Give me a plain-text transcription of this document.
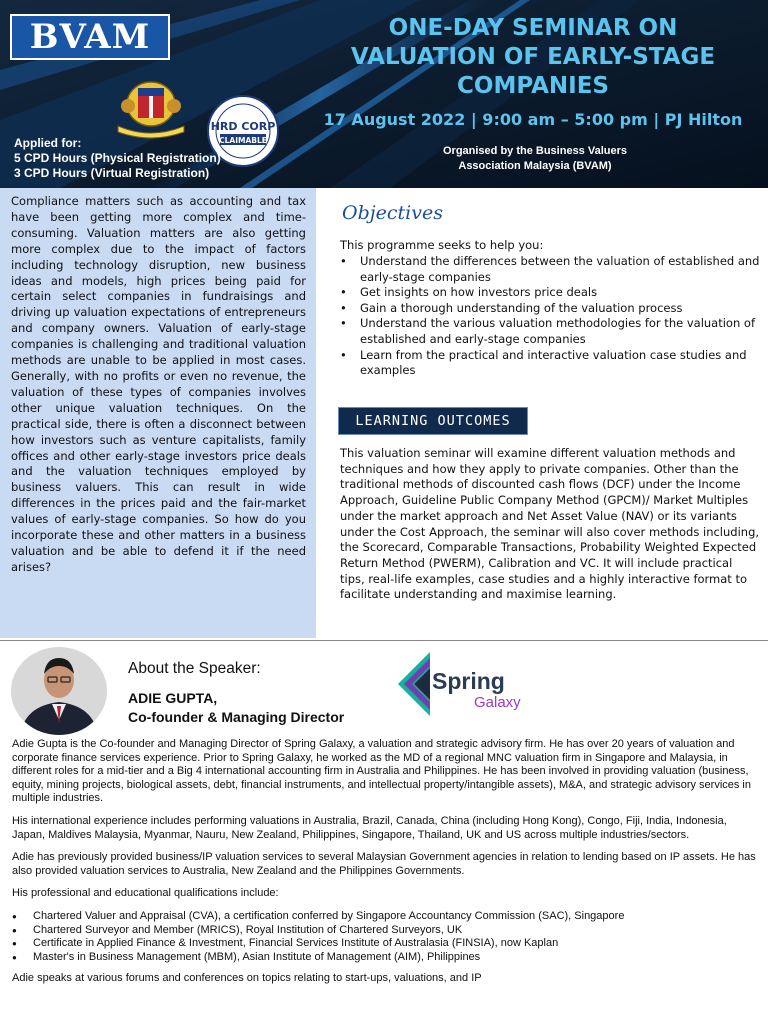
BVAM
HRD CORP
CLAIMABLE
Applied for:
5 CPD Hours (Physical Registration)
3 CPD Hours (Virtual Registration)
ONE-DAY SEMINAR ON
VALUATION OF EARLY-STAGE
COMPANIES
17 August 2022 | 9:00 am – 5:00 pm | PJ Hilton
Organised by the Business Valuers
Association Malaysia (BVAM)

Compliance matters such as accounting and tax have been getting more complex and time-consuming. Valuation matters are also getting more complex due to the impact of factors including technology disruption, new business ideas and models, high prices being paid for certain select companies in fundraisings and driving up valuation expectations of entrepreneurs and company owners. Valuation of early-stage companies is challenging and traditional valuation methods are unable to be applied in most cases. Generally, with no profits or even no revenue, the valuation of these types of companies involves other unique valuation techniques. On the practical side, there is often a disconnect between how investors such as venture capitalists, family offices and other early-stage investors price deals and the valuation techniques employed by business valuers. This can result in wide differences in the prices paid and the fair-market values of early-stage companies. So how do you incorporate these and other matters in a business valuation and be able to defend it if the need arises?

Objectives
This programme seeks to help you:
• Understand the differences between the valuation of established and early-stage companies
• Get insights on how investors price deals
• Gain a thorough understanding of the valuation process
• Understand the various valuation methodologies for the valuation of established and early-stage companies
• Learn from the practical and interactive valuation case studies and examples
LEARNING OUTCOMES
This valuation seminar will examine different valuation methods and techniques and how they apply to private companies. Other than the traditional methods of discounted cash flows (DCF) under the Income Approach, Guideline Public Company Method (GPCM)/ Market Multiples under the market approach and Net Asset Value (NAV) or its variants under the Cost Approach, the seminar will also cover methods including, the Scorecard, Comparable Transactions, Probability Weighted Expected Return Method (PWERM), Calibration and VC. It will include practical tips, real-life examples, case studies and a highly interactive format to facilitate understanding and maximise learning.
About the Speaker:
ADIE GUPTA,
Co-founder & Managing Director
Spring
Galaxy

Adie Gupta is the Co-founder and Managing Director of Spring Galaxy, a valuation and strategic advisory firm. He has over 20 years of valuation and corporate finance services experience. Prior to Spring Galaxy, he worked as the MD of a regional MNC valuation firm in Singapore and Malaysia, in different roles for a mid-tier and a Big 4 international accounting firm in Australia and Philippines. He has been involved in providing valuation (business, equity, mining projects, biological assets, debt, financial instruments, and intellectual property/intangible assets), M&A, and strategic advisory services in multiple industries.

His international experience includes performing valuations in Australia, Brazil, Canada, China (including Hong Kong), Congo, Fiji, India, Indonesia, Japan, Maldives Malaysia, Myanmar, Nauru, New Zealand, Philippines, Singapore, Thailand, UK and US across multiple industries/sectors.

Adie has previously provided business/IP valuation services to several Malaysian Government agencies in relation to lending based on IP assets. He has also provided valuation services to Australia, New Zealand and the Philippines Governments.

His professional and educational qualifications include:

● Chartered Valuer and Appraisal (CVA), a certification conferred by Singapore Accountancy Commission (SAC), Singapore
● Chartered Surveyor and Member (MRICS), Royal Institution of Chartered Surveyors, UK
● Certificate in Applied Finance & Investment, Financial Services Institute of Australasia (FINSIA), now Kaplan
● Master's in Business Management (MBM), Asian Institute of Management (AIM), Philippines

Adie speaks at various forums and conferences on topics relating to start-ups, valuations, and IP
